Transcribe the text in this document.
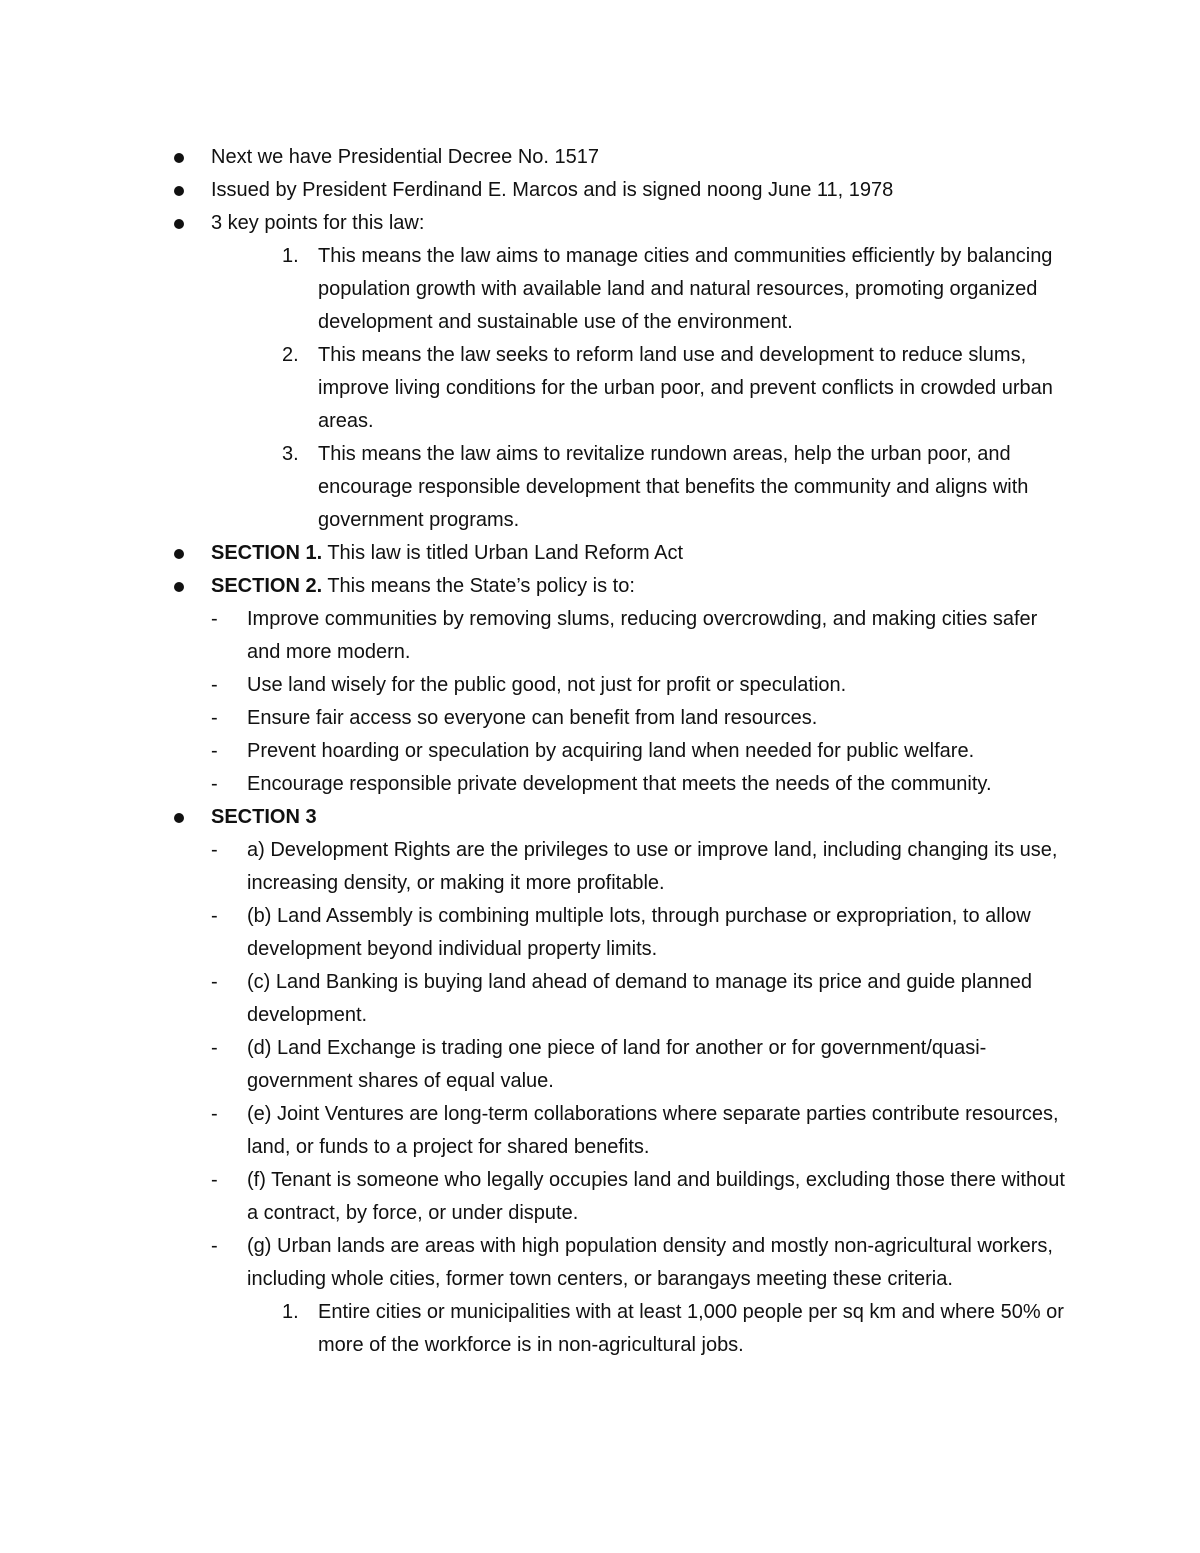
Next we have Presidential Decree No. 1517
Issued by President Ferdinand E. Marcos and is signed noong June 11, 1978
3 key points for this law:
1. This means the law aims to manage cities and communities efficiently by balancing population growth with available land and natural resources, promoting organized development and sustainable use of the environment.
2. This means the law seeks to reform land use and development to reduce slums, improve living conditions for the urban poor, and prevent conflicts in crowded urban areas.
3. This means the law aims to revitalize rundown areas, help the urban poor, and encourage responsible development that benefits the community and aligns with government programs.
SECTION 1. This law is titled Urban Land Reform Act
SECTION 2. This means the State’s policy is to:
- Improve communities by removing slums, reducing overcrowding, and making cities safer and more modern.
- Use land wisely for the public good, not just for profit or speculation.
- Ensure fair access so everyone can benefit from land resources.
- Prevent hoarding or speculation by acquiring land when needed for public welfare.
- Encourage responsible private development that meets the needs of the community.
SECTION 3
- a) Development Rights are the privileges to use or improve land, including changing its use, increasing density, or making it more profitable.
- (b) Land Assembly is combining multiple lots, through purchase or expropriation, to allow development beyond individual property limits.
- (c) Land Banking is buying land ahead of demand to manage its price and guide planned development.
- (d) Land Exchange is trading one piece of land for another or for government/quasi-government shares of equal value.
- (e) Joint Ventures are long-term collaborations where separate parties contribute resources, land, or funds to a project for shared benefits.
- (f) Tenant is someone who legally occupies land and buildings, excluding those there without a contract, by force, or under dispute.
- (g) Urban lands are areas with high population density and mostly non-agricultural workers, including whole cities, former town centers, or barangays meeting these criteria.
1. Entire cities or municipalities with at least 1,000 people per sq km and where 50% or more of the workforce is in non-agricultural jobs.
